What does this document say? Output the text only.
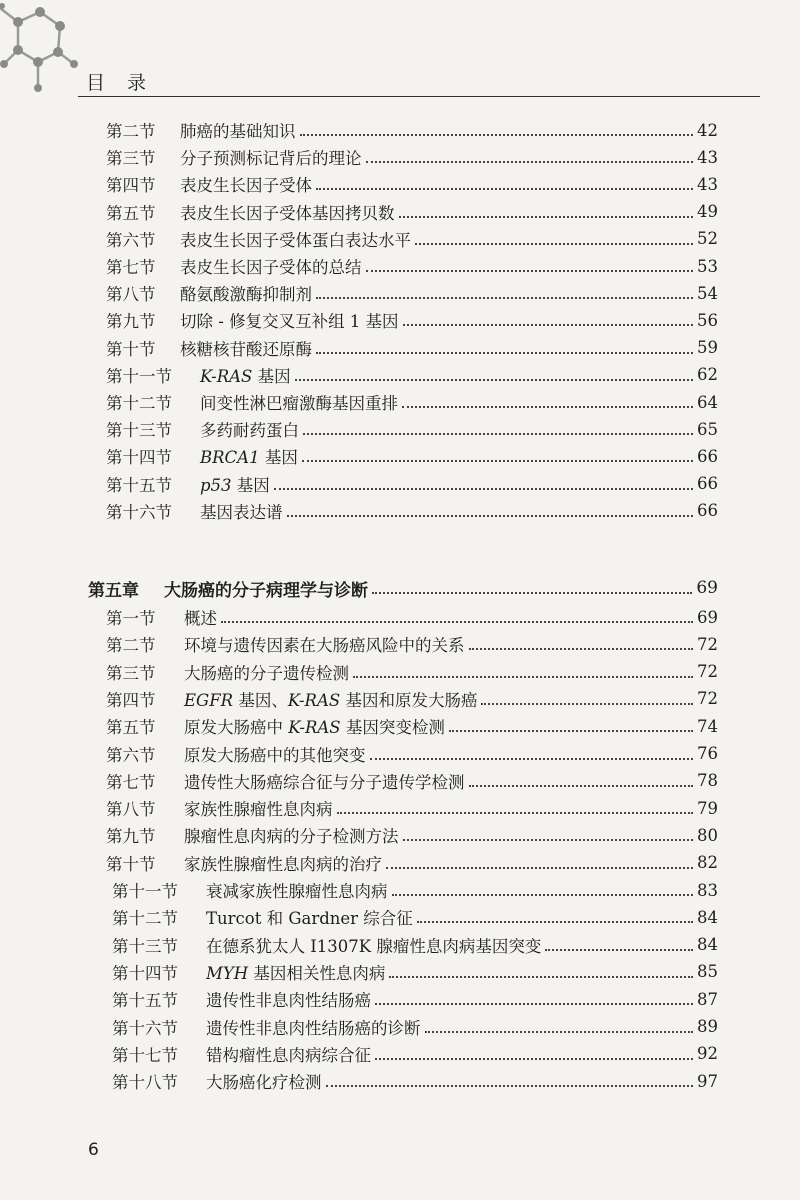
目 录
第二节	肺癌的基础知识	42
第三节	分子预测标记背后的理论	43
第四节	表皮生长因子受体	43
第五节	表皮生长因子受体基因拷贝数	49
第六节	表皮生长因子受体蛋白表达水平	52
第七节	表皮生长因子受体的总结	53
第八节	酪氨酸激酶抑制剂	54
第九节	切除 - 修复交叉互补组 1 基因	56
第十节	核糖核苷酸还原酶	59
第十一节	K-RAS 基因	62
第十二节	间变性淋巴瘤激酶基因重排	64
第十三节	多药耐药蛋白	65
第十四节	BRCA1 基因	66
第十五节	p53 基因	66
第十六节	基因表达谱	66
第五章	大肠癌的分子病理学与诊断	69
第一节	概述	69
第二节	环境与遗传因素在大肠癌风险中的关系	72
第三节	大肠癌的分子遗传检测	72
第四节	EGFR 基因、K-RAS 基因和原发大肠癌	72
第五节	原发大肠癌中 K-RAS 基因突变检测	74
第六节	原发大肠癌中的其他突变	76
第七节	遗传性大肠癌综合征与分子遗传学检测	78
第八节	家族性腺瘤性息肉病	79
第九节	腺瘤性息肉病的分子检测方法	80
第十节	家族性腺瘤性息肉病的治疗	82
第十一节	衰减家族性腺瘤性息肉病	83
第十二节	Turcot 和 Gardner 综合征	84
第十三节	在德系犹太人 I1307K 腺瘤性息肉病基因突变	84
第十四节	MYH 基因相关性息肉病	85
第十五节	遗传性非息肉性结肠癌	87
第十六节	遗传性非息肉性结肠癌的诊断	89
第十七节	错构瘤性息肉病综合征	92
第十八节	大肠癌化疗检测	97
6
